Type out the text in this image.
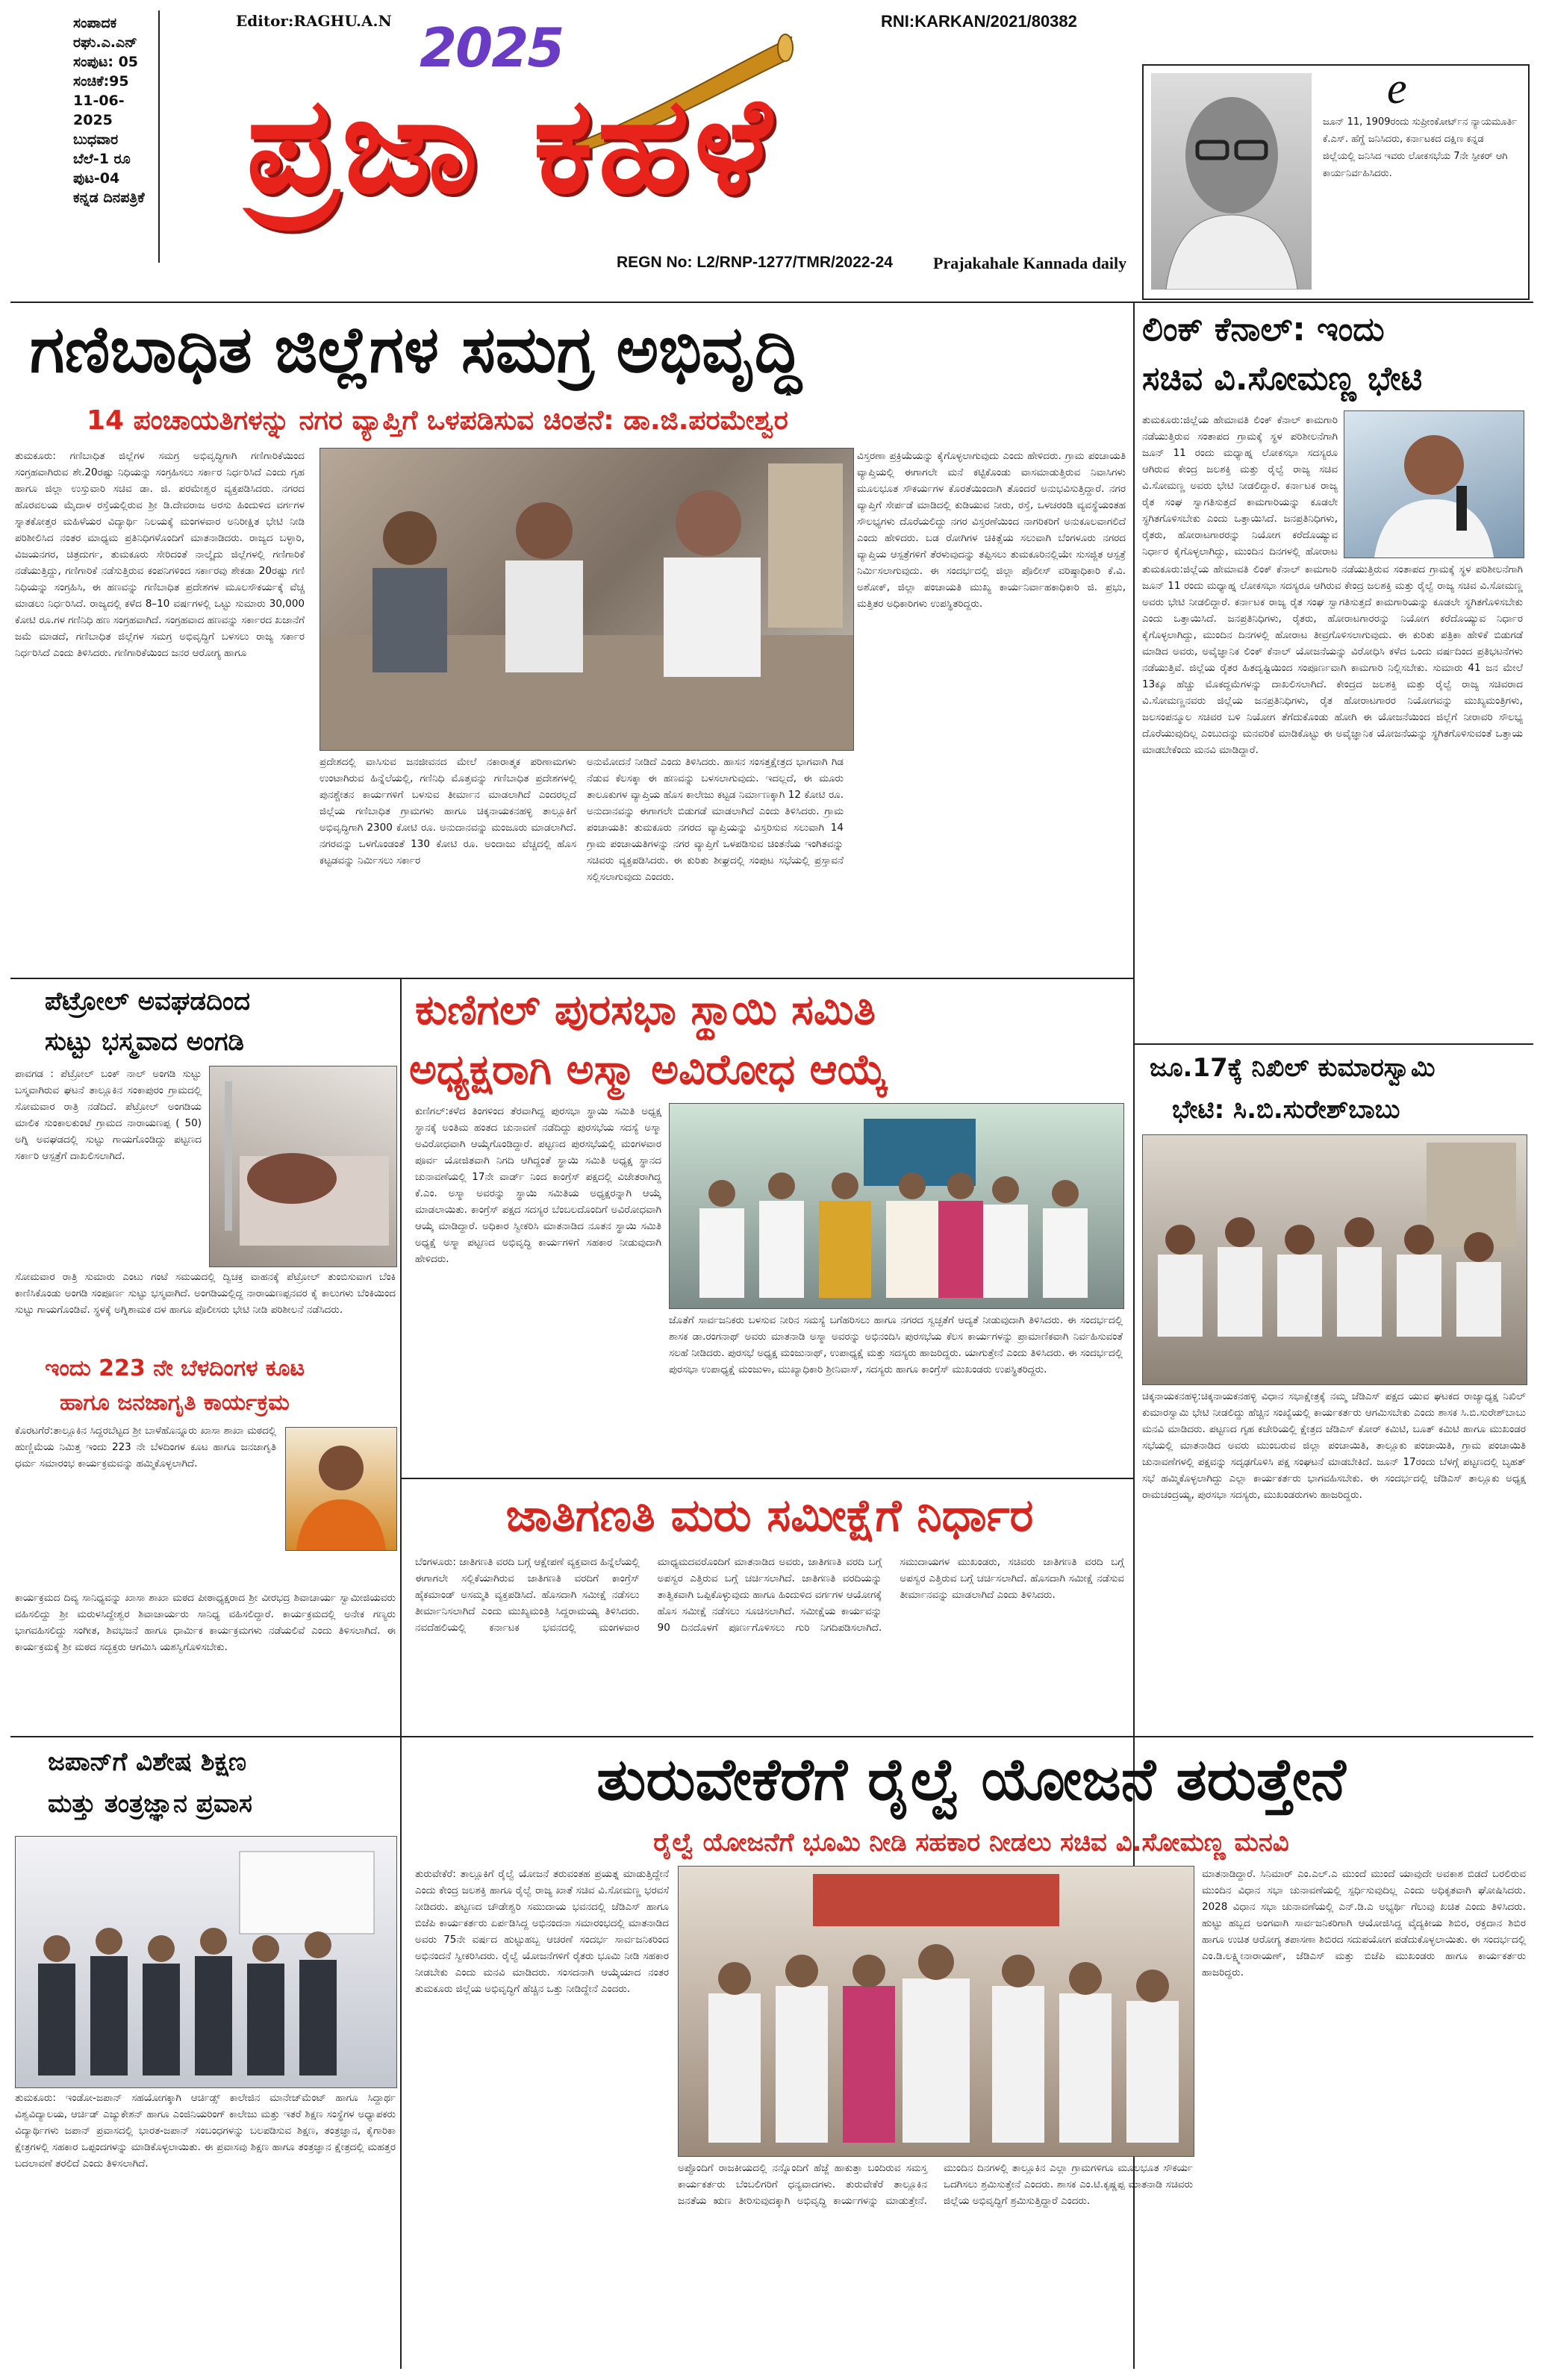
ಸಂಪಾದಕ
ರಘು.ಎ.ಎನ್
ಸಂಪುಟ: 05
ಸಂಚಿಕೆ:95
11-06-2025
ಬುಧವಾರ
ಬೆಲೆ-1 ರೂ
ಪುಟ-04
ಕನ್ನಡ ದಿನಪತ್ರಿಕೆ
Editor:RAGHU.A.N 2025
ಪ್ರಜಾ ಕಹಳೆ
RNI:KARKAN/2021/80382
REGN No: L2/RNP-1277/TMR/2022-24 Prajakahale Kannada daily
e
ಜೂನ್ 11, 1909ರಂದು ಸುಪ್ರೀಂಕೋರ್ಟ್‌ನ ನ್ಯಾಯಮೂರ್ತಿ ಕೆ.ಎಸ್. ಹೆಗ್ಡೆ ಜನಿಸಿದರು, ಕರ್ನಾಟಕದ ದಕ್ಷಿಣ ಕನ್ನಡ ಜಿಲ್ಲೆಯಲ್ಲಿ ಜನಿಸಿದ ಇವರು ಲೋಕಸಭೆಯ 7ನೇ ಸ್ಪೀಕರ್ ಆಗಿ ಕಾರ್ಯನಿರ್ವಹಿಸಿದರು.
ಗಣಿಬಾಧಿತ ಜಿಲ್ಲೆಗಳ ಸಮಗ್ರ ಅಭಿವೃದ್ಧಿ
14 ಪಂಚಾಯತಿಗಳನ್ನು ನಗರ ವ್ಯಾಪ್ತಿಗೆ ಒಳಪಡಿಸುವ ಚಿಂತನೆ: ಡಾ.ಜಿ.ಪರಮೇಶ್ವರ
ತುಮಕೂರು: ಗಣಿಬಾಧಿತ ಜಿಲ್ಲೆಗಳ ಸಮಗ್ರ ಅಭಿವೃದ್ಧಿಗಾಗಿ ಗಣಿಗಾರಿಕೆಯಿಂದ ಸಂಗ್ರಹವಾಗಿರುವ ಶೇ.20ರಷ್ಟು ನಿಧಿಯನ್ನು ಸಂಗ್ರಹಿಸಲು ಸರ್ಕಾರ ನಿರ್ಧರಿಸಿದೆ ಎಂದು ಗೃಹ ಹಾಗೂ ಜಿಲ್ಲಾ ಉಸ್ತುವಾರಿ ಸಚಿವ ಡಾ. ಜಿ. ಪರಮೇಶ್ವರ ವ್ಯಕ್ತಪಡಿಸಿದರು. ನಗರದ ಹೊರವಲಯ ಮೈದಾಳ ರಸ್ತೆಯಲ್ಲಿರುವ ಶ್ರೀ ಡಿ.ದೇವರಾಜ ಅರಸು ಹಿಂದುಳಿದ ವರ್ಗಗಳ ಸ್ನಾತಕೋತ್ತರ ಮಹಿಳೆಯರ ವಿದ್ಯಾರ್ಥಿ ನಿಲಯಕ್ಕೆ ಮಂಗಳವಾರ ಅನಿರೀಕ್ಷಿತ ಭೇಟಿ ನೀಡಿ ಪರಿಶೀಲಿಸಿದ ನಂತರ ಮಾಧ್ಯಮ ಪ್ರತಿನಿಧಿಗಳೊಂದಿಗೆ ಮಾತನಾಡಿದರು. ರಾಜ್ಯದ ಬಳ್ಳಾರಿ, ವಿಜಯನಗರ, ಚಿತ್ರದುರ್ಗ, ತುಮಕೂರು ಸೇರಿದಂತೆ ನಾಲ್ಕೈದು ಜಿಲ್ಲೆಗಳಲ್ಲಿ ಗಣಿಗಾರಿಕೆ ನಡೆಯುತ್ತಿದ್ದು, ಗಣಿಗಾರಿಕೆ ನಡೆಸುತ್ತಿರುವ ಕಂಪನಿಗಳಿಂದ ಸರ್ಕಾರವು ಶೇಕಡಾ 20ರಷ್ಟು ಗಣಿ ನಿಧಿಯನ್ನು ಸಂಗ್ರಹಿಸಿ, ಈ ಹಣವನ್ನು ಗಣಿಬಾಧಿತ ಪ್ರದೇಶಗಳ ಮೂಲಸೌಕರ್ಯಕ್ಕೆ ವೆಚ್ಚ ಮಾಡಲು ನಿರ್ಧರಿಸಿದೆ. ರಾಜ್ಯದಲ್ಲಿ ಕಳೆದ 8–10 ವರ್ಷಗಳಲ್ಲಿ ಒಟ್ಟು ಸುಮಾರು 30,000 ಕೋಟಿ ರೂ.ಗಳ ಗಣಿನಿಧಿ ಹಣ ಸಂಗ್ರಹವಾಗಿದೆ. ಸಂಗ್ರಹವಾದ ಹಣವನ್ನು ಸರ್ಕಾರದ ಖಜಾನೆಗೆ ಜಮೆ ಮಾಡದೆ, ಗಣಿಬಾಧಿತ ಜಿಲ್ಲೆಗಳ ಸಮಗ್ರ ಅಭಿವೃದ್ಧಿಗೆ ಬಳಸಲು ರಾಜ್ಯ ಸರ್ಕಾರ ನಿರ್ಧರಿಸಿದೆ ಎಂದು ತಿಳಿಸಿದರು. ಗಣಿಗಾರಿಕೆಯಿಂದ ಜನರ ಆರೋಗ್ಯ ಹಾಗೂ
ಪ್ರದೇಶದಲ್ಲಿ ವಾಸಿಸುವ ಜನಜೀವನದ ಮೇಲೆ ನಕಾರಾತ್ಮಕ ಪರಿಣಾಮಗಳು ಉಂಟಾಗಿರುವ ಹಿನ್ನೆಲೆಯಲ್ಲಿ, ಗಣಿನಿಧಿ ಮೊತ್ತವನ್ನು ಗಣಿಬಾಧಿತ ಪ್ರದೇಶಗಳಲ್ಲಿ ಪುನಶ್ಚೇತನ ಕಾರ್ಯಗಳಿಗೆ ಬಳಸುವ ತೀರ್ಮಾನ ಮಾಡಲಾಗಿದೆ ಎಂದರಲ್ಲದೆ ಜಿಲ್ಲೆಯ ಗಣಿಬಾಧಿತ ಗ್ರಾಮಗಳು ಹಾಗೂ ಚಿಕ್ಕನಾಯಕನಹಳ್ಳಿ ತಾಲ್ಲೂಕಿಗೆ ಅಭಿವೃದ್ಧಿಗಾಗಿ 2300 ಕೋಟಿ ರೂ. ಅನುದಾನವನ್ನು ಮಂಜೂರು ಮಾಡಲಾಗಿದೆ. ನಗರವನ್ನು ಒಳಗೊಂಡಂತೆ 130 ಕೋಟಿ ರೂ. ಅಂದಾಜು ವೆಚ್ಚದಲ್ಲಿ ಹೊಸ ಕಟ್ಟಡವನ್ನು ನಿರ್ಮಿಸಲು ಸರ್ಕಾರ
ಅನುಮೋದನೆ ನೀಡಿದೆ ಎಂದು ತಿಳಿಸಿದರು. ಹಾಸನ ಸಂಸತ್ತಕ್ಷೇತ್ರದ ಭಾಗವಾಗಿ ಗಿಡ ನೆಡುವ ಕೆಲಸಕ್ಕಾ ಈ ಹಣವನ್ನು ಬಳಸಲಾಗುವುದು. ಇದಲ್ಲದೆ, ಈ ಮೂರು ತಾಲೂಕುಗಳ ವ್ಯಾಪ್ತಿಯ ಹೊಸ ಕಾಲೇಜು ಕಟ್ಟಡ ನಿರ್ಮಾಣಕ್ಕಾಗಿ 12 ಕೋಟಿ ರೂ. ಅನುದಾನವನ್ನು ಈಗಾಗಲೇ ಬಿಡುಗಡೆ ಮಾಡಲಾಗಿದೆ ಎಂದು ತಿಳಿಸಿದರು. ಗ್ರಾಮ ಪಂಚಾಯತಿ: ತುಮಕೂರು ನಗರದ ವ್ಯಾಪ್ತಿಯನ್ನು ವಿಸ್ತರಿಸುವ ಸಲುವಾಗಿ 14 ಗ್ರಾಮ ಪಂಚಾಯತಿಗಳನ್ನು ನಗರ ವ್ಯಾಪ್ತಿಗೆ ಒಳಪಡಿಸುವ ಚಿಂತನೆಯ ಇಂಗಿತವನ್ನು ಸಚಿವರು ವ್ಯಕ್ತಪಡಿಸಿದರು. ಈ ಕುರಿತು ಶೀಘ್ರದಲ್ಲಿ ಸಂಪುಟ ಸಭೆಯಲ್ಲಿ ಪ್ರಸ್ತಾವನೆ ಸಲ್ಲಿಸಲಾಗುವುದು ಎಂದರು.
ವಿಸ್ತರಣಾ ಪ್ರಕ್ರಿಯೆಯನ್ನು ಕೈಗೊಳ್ಳಲಾಗುವುದು ಎಂದು ಹೇಳಿದರು. ಗ್ರಾಮ ಪಂಚಾಯತಿ ವ್ಯಾಪ್ತಿಯಲ್ಲಿ ಈಗಾಗಲೇ ಮನೆ ಕಟ್ಟಿಕೊಂಡು ವಾಸಮಾಡುತ್ತಿರುವ ನಿವಾಸಿಗಳು ಮೂಲಭೂತ ಸೌಕರ್ಯಗಳ ಕೊರತೆಯಿಂದಾಗಿ ತೊಂದರೆ ಅನುಭವಿಸುತ್ತಿದ್ದಾರೆ. ನಗರ ವ್ಯಾಪ್ತಿಗೆ ಸೇರ್ಪಡೆ ಮಾಡಿದಲ್ಲಿ ಕುಡಿಯುವ ನೀರು, ರಸ್ತೆ, ಒಳಚರಂಡಿ ವ್ಯವಸ್ಥೆಯಂತಹ ಸೌಲಭ್ಯಗಳು ದೊರೆಯಲಿದ್ದು ನಗರ ವಿಸ್ತರಣೆಯಿಂದ ನಾಗರಿಕರಿಗೆ ಅನುಕೂಲವಾಗಲಿದೆ ಎಂದು ಹೇಳಿದರು. ಬಡ ರೋಗಿಗಳ ಚಿಕಿತ್ಸೆಯ ಸಲುವಾಗಿ ಬೆಂಗಳೂರು ನಗರದ ವ್ಯಾಪ್ತಿಯ ಆಸ್ಪತ್ರೆಗಳಿಗೆ ತೆರಳುವುದನ್ನು ತಪ್ಪಿಸಲು ತುಮಕೂರಿನಲ್ಲಿಯೇ ಸುಸಜ್ಜಿತ ಆಸ್ಪತ್ರೆ ನಿರ್ಮಿಸಲಾಗುವುದು. ಈ ಸಂದರ್ಭದಲ್ಲಿ ಜಿಲ್ಲಾ ಪೊಲೀಸ್ ವರಿಷ್ಠಾಧಿಕಾರಿ ಕೆ.ವಿ. ಅಶೋಕ್, ಜಿಲ್ಲಾ ಪಂಚಾಯತಿ ಮುಖ್ಯ ಕಾರ್ಯನಿರ್ವಾಹಕಾಧಿಕಾರಿ ಜಿ. ಪ್ರಭು, ಮತ್ತಿತರ ಅಧಿಕಾರಿಗಳು ಉಪಸ್ಥಿತರಿದ್ದರು.
ಲಿಂಕ್ ಕೆನಾಲ್: ಇಂದು
ಸಚಿವ ವಿ.ಸೋಮಣ್ಣ ಭೇಟಿ
ತುಮಕೂರು:ಜಿಲ್ಲೆಯ ಹೇಮಾವತಿ ಲಿಂಕ್ ಕೆನಾಲ್ ಕಾಮಗಾರಿ ನಡೆಯುತ್ತಿರುವ ಸಂತಾಪದ ಗ್ರಾಮಕ್ಕೆ ಸ್ಥಳ ಪರಿಶೀಲನೆಗಾಗಿ ಜೂನ್ 11 ರಂದು ಮಧ್ಯಾಹ್ನ ಲೋಕಸಭಾ ಸದಸ್ಯರೂ ಆಗಿರುವ ಕೇಂದ್ರ ಜಲಶಕ್ತಿ ಮತ್ತು ರೈಲ್ವೆ ರಾಜ್ಯ ಸಚಿವ ವಿ.ಸೋಮಣ್ಣ ಅವರು ಭೇಟಿ ನೀಡಲಿದ್ದಾರೆ. ಕರ್ನಾಟಕ ರಾಜ್ಯ ರೈತ ಸಂಘ ಸ್ವಾಗತಿಸುತ್ತದೆ ಕಾಮಗಾರಿಯನ್ನು ಕೂಡಲೇ ಸ್ಥಗಿತಗೊಳಿಸಬೇಕು ಎಂದು ಒತ್ತಾಯಿಸಿದೆ. ಜನಪ್ರತಿನಿಧಿಗಳು, ರೈತರು, ಹೋರಾಟಗಾರರನ್ನು ನಿಯೋಗ ಕರೆದೊಯ್ಯುವ ನಿರ್ಧಾರ ಕೈಗೊಳ್ಳಲಾಗಿದ್ದು, ಮುಂದಿನ ದಿನಗಳಲ್ಲಿ ಹೋರಾಟ
ತುಮಕೂರು:ಜಿಲ್ಲೆಯ ಹೇಮಾವತಿ ಲಿಂಕ್ ಕೆನಾಲ್ ಕಾಮಗಾರಿ ನಡೆಯುತ್ತಿರುವ ಸಂತಾಪದ ಗ್ರಾಮಕ್ಕೆ ಸ್ಥಳ ಪರಿಶೀಲನೆಗಾಗಿ ಜೂನ್ 11 ರಂದು ಮಧ್ಯಾಹ್ನ ಲೋಕಸಭಾ ಸದಸ್ಯರೂ ಆಗಿರುವ ಕೇಂದ್ರ ಜಲಶಕ್ತಿ ಮತ್ತು ರೈಲ್ವೆ ರಾಜ್ಯ ಸಚಿವ ವಿ.ಸೋಮಣ್ಣ ಅವರು ಭೇಟಿ ನೀಡಲಿದ್ದಾರೆ. ಕರ್ನಾಟಕ ರಾಜ್ಯ ರೈತ ಸಂಘ ಸ್ವಾಗತಿಸುತ್ತದೆ ಕಾಮಗಾರಿಯನ್ನು ಕೂಡಲೇ ಸ್ಥಗಿತಗೊಳಿಸಬೇಕು ಎಂದು ಒತ್ತಾಯಿಸಿದೆ. ಜನಪ್ರತಿನಿಧಿಗಳು, ರೈತರು, ಹೋರಾಟಗಾರರನ್ನು ನಿಯೋಗ ಕರೆದೊಯ್ಯುವ ನಿರ್ಧಾರ ಕೈಗೊಳ್ಳಲಾಗಿದ್ದು, ಮುಂದಿನ ದಿನಗಳಲ್ಲಿ ಹೋರಾಟ ತೀವ್ರಗೊಳಿಸಲಾಗುವುದು. ಈ ಕುರಿತು ಪತ್ರಿಕಾ ಹೇಳಿಕೆ ಬಿಡುಗಡೆ ಮಾಡಿದ ಅವರು, ಅವೈಜ್ಞಾನಿಕ ಲಿಂಕ್ ಕೆನಾಲ್ ಯೋಜನೆಯನ್ನು ವಿರೋಧಿಸಿ ಕಳೆದ ಒಂದು ವರ್ಷದಿಂದ ಪ್ರತಿಭಟನೆಗಳು ನಡೆಯುತ್ತಿವೆ. ಜಿಲ್ಲೆಯ ರೈತರ ಹಿತದೃಷ್ಟಿಯಿಂದ ಸಂಪೂರ್ಣವಾಗಿ ಕಾಮಗಾರಿ ನಿಲ್ಲಿಸಬೇಕು. ಸುಮಾರು 41 ಜನ ಮೇಲೆ 13ಕ್ಕೂ ಹೆಚ್ಚು ಮೊಕದ್ದಮೆಗಳನ್ನು ದಾಖಲಿಸಲಾಗಿದೆ. ಕೇಂದ್ರದ ಜಲಶಕ್ತಿ ಮತ್ತು ರೈಲ್ವೆ ರಾಜ್ಯ ಸಚಿವರಾದ ವಿ.ಸೋಮಣ್ಣನವರು ಜಿಲ್ಲೆಯ ಜನಪ್ರತಿನಿಧಿಗಳು, ರೈತ ಹೋರಾಟಗಾರರ ನಿಯೋಗವನ್ನು ಮುಖ್ಯಮಂತ್ರಿಗಳು, ಜಲಸಂಪನ್ಮೂಲ ಸಚಿವರ ಬಳಿ ನಿಯೋಗ ತೆಗೆದುಕೊಂಡು ಹೋಗಿ ಈ ಯೋಜನೆಯಿಂದ ಜಿಲ್ಲೆಗೆ ನೀರಾವರಿ ಸೌಲಭ್ಯ ದೊರೆಯುವುದಿಲ್ಲ ಎಂಬುದನ್ನು ಮನವರಿಕೆ ಮಾಡಿಕೊಟ್ಟು ಈ ಅವೈಜ್ಞಾನಿಕ ಯೋಜನೆಯನ್ನು ಸ್ಥಗಿತಗೊಳಿಸುವಂತೆ ಒತ್ತಾಯ ಮಾಡಬೇಕೆಂದು ಮನವಿ ಮಾಡಿದ್ದಾರೆ.
ಜೂ.17ಕ್ಕೆ ನಿಖಿಲ್ ಕುಮಾರಸ್ವಾಮಿ
ಭೇಟಿ: ಸಿ.ಬಿ.ಸುರೇಶ್‌ಬಾಬು
ಚಿಕ್ಕನಾಯಕನಹಳ್ಳಿ:ಚಿಕ್ಕನಾಯಕನಹಳ್ಳಿ ವಿಧಾನ ಸಭಾಕ್ಷೇತ್ರಕ್ಕೆ ನಮ್ಮ ಜೆಡಿಎಸ್ ಪಕ್ಷದ ಯುವ ಘಟಕದ ರಾಜ್ಯಾಧ್ಯಕ್ಷ ನಿಖಿಲ್ ಕುಮಾರಸ್ವಾಮಿ ಭೇಟಿ ನೀಡಲಿದ್ದು ಹೆಚ್ಚಿನ ಸಂಖ್ಯೆಯಲ್ಲಿ ಕಾರ್ಯಕರ್ತರು ಆಗಮಿಸಬೇಕು ಎಂದು ಶಾಸಕ ಸಿ.ಬಿ.ಸುರೇಶ್‌ಬಾಬು ಮನವಿ ಮಾಡಿದರು. ಪಟ್ಟಣದ ಗೃಹ ಕಚೇರಿಯಲ್ಲಿ ಕ್ಷೇತ್ರದ ಜೆಡಿಎಸ್ ಕೋರ್ ಕಮಿಟಿ, ಬೂತ್ ಕಮಿಟಿ ಹಾಗೂ ಮುಖಂಡರ ಸಭೆಯಲ್ಲಿ ಮಾತನಾಡಿದ ಅವರು ಮುಂಬರುವ ಜಿಲ್ಲಾ ಪಂಚಾಯಿತಿ, ತಾಲ್ಲೂಕು ಪಂಚಾಯಿತಿ, ಗ್ರಾಮ ಪಂಚಾಯಿತಿ ಚುನಾವಣೆಗಳಲ್ಲಿ ಪಕ್ಷವನ್ನು ಸದೃಢಗೊಳಿಸಿ ಪಕ್ಷ ಸಂಘಟನೆ ಮಾಡಬೇಕಿದೆ. ಜೂನ್ 17ರಂದು ಬೆಳಗ್ಗೆ ಪಟ್ಟಣದಲ್ಲಿ ಬೃಹತ್ ಸಭೆ ಹಮ್ಮಿಕೊಳ್ಳಲಾಗಿದ್ದು ಎಲ್ಲಾ ಕಾರ್ಯಕರ್ತರು ಭಾಗವಹಿಸಬೇಕು. ಈ ಸಂದರ್ಭದಲ್ಲಿ ಜೆಡಿಎಸ್ ತಾಲ್ಲೂಕು ಅಧ್ಯಕ್ಷ ರಾಮಚಂದ್ರಯ್ಯ, ಪುರಸಭಾ ಸದಸ್ಯರು, ಮುಖಂಡರುಗಳು ಹಾಜರಿದ್ದರು.
ಪೆಟ್ರೋಲ್ ಅವಘಡದಿಂದ
ಸುಟ್ಟು ಭಸ್ಮವಾದ ಅಂಗಡಿ
ಪಾವಗಡ : ಪೆಟ್ರೋಲ್ ಬಂಕ್ ನಾಲ್ ಅಂಗಡಿ ಸುಟ್ಟು ಬಸ್ಮವಾಗಿರುವ ಘಟನೆ ತಾಲ್ಲೂಕಿನ ಸಂಕಾಪುರಂ ಗ್ರಾಮದಲ್ಲಿ ಸೋಮವಾರ ರಾತ್ರಿ ನಡೆದಿದೆ. ಪೆಟ್ರೋಲ್ ಅಂಗಡಿಯ ಮಾಲಿಕ ಸುಂಕಾಲಕುಂಟೆ ಗ್ರಾಮದ ನಾರಾಯಣಪ್ಪ ( 50) ಅಗ್ನಿ ಅವಘಡದಲ್ಲಿ ಸುಟ್ಟು ಗಾಯಗೊಂಡಿದ್ದು ಪಟ್ಟಣದ ಸರ್ಕಾರಿ ಆಸ್ಪತ್ರೆಗೆ ದಾಖಲಿಸಲಾಗಿದೆ.
ಸೋಮವಾರ ರಾತ್ರಿ ಸುಮಾರು ಎಂಟು ಗಂಟೆ ಸಮಯದಲ್ಲಿ ದ್ವಿಚಕ್ರ ವಾಹನಕ್ಕೆ ಪೆಟ್ರೋಲ್ ತುಂಬಿಸುವಾಗ ಬೆಂಕಿ ಕಾಣಿಸಿಕೊಂಡು ಅಂಗಡಿ ಸಂಪೂರ್ಣ ಸುಟ್ಟು ಭಸ್ಮವಾಗಿದೆ. ಅಂಗಡಿಯಲ್ಲಿದ್ದ ನಾರಾಯಣಪ್ಪನವರ ಕೈ ಕಾಲುಗಳು ಬೆಂಕಿಯಿಂದ ಸುಟ್ಟು ಗಾಯಗೊಂಡಿವೆ. ಸ್ಥಳಕ್ಕೆ ಅಗ್ನಿಶಾಮಕ ದಳ ಹಾಗೂ ಪೊಲೀಸರು ಭೇಟಿ ನೀಡಿ ಪರಿಶೀಲನೆ ನಡೆಸಿದರು.
ಇಂದು 223 ನೇ ಬೆಳದಿಂಗಳ ಕೂಟ
ಹಾಗೂ ಜನಜಾಗೃತಿ ಕಾರ್ಯಕ್ರಮ
ಕೊರಟಗೆರೆ:ತಾಲ್ಲೂಕಿನ ಸಿದ್ದರಬೆಟ್ಟದ ಶ್ರೀ ಬಾಳೆಹೊನ್ನೂರು ಖಾಸಾ ಶಾಖಾ ಮಠದಲ್ಲಿ ಹುಣ್ಣಿಮೆಯ ನಿಮಿತ್ತ ಇಂದು 223 ನೇ ಬೆಳದಿಂಗಳ ಕೂಟ ಹಾಗೂ ಜನಜಾಗೃತಿ ಧರ್ಮ ಸಮಾರಂಭ ಕಾರ್ಯಕ್ರಮವನ್ನು ಹಮ್ಮಿಕೊಳ್ಳಲಾಗಿದೆ.
ಕಾರ್ಯಕ್ರಮದ ದಿವ್ಯ ಸಾನಿಧ್ಯವನ್ನು ಖಾಸಾ ಶಾಖಾ ಮಠದ ಪೀಠಾಧ್ಯಕ್ಷರಾದ ಶ್ರೀ ವೀರಭದ್ರ ಶಿವಾಚಾರ್ಯ ಸ್ವಾಮೀಜಿಯವರು ವಹಿಸಲಿದ್ದು ಶ್ರೀ ಮರುಳಸಿದ್ದೇಶ್ವರ ಶಿವಾಚಾರ್ಯರು ಸಾನಿಧ್ಯ ವಹಿಸಲಿದ್ದಾರೆ. ಕಾರ್ಯಕ್ರಮದಲ್ಲಿ ಅನೇಕ ಗಣ್ಯರು ಭಾಗವಹಿಸಲಿದ್ದು ಸಂಗೀತ, ಶಿವಭಜನೆ ಹಾಗೂ ಧಾರ್ಮಿಕ ಕಾರ್ಯಕ್ರಮಗಳು ನಡೆಯಲಿವೆ ಎಂದು ತಿಳಿಸಲಾಗಿದೆ. ಈ ಕಾರ್ಯಕ್ರಮಕ್ಕೆ ಶ್ರೀ ಮಠದ ಸದ್ಭಕ್ತರು ಆಗಮಿಸಿ ಯಶಸ್ವಿಗೊಳಿಸಬೇಕು.
ಜಪಾನ್‌ಗೆ ವಿಶೇಷ ಶಿಕ್ಷಣ
ಮತ್ತು ತಂತ್ರಜ್ಞಾನ ಪ್ರವಾಸ
ತುಮಕೂರು: ಇಂಡೋ-ಜಪಾನ್ ಸಹಯೋಗಕ್ಕಾಗಿ ಆರ್ಚಿಡ್ಸ್ ಕಾಲೇಜಿನ ಮಾನೇಜ್‌ಮೆಂಟ್ ಹಾಗೂ ಸಿದ್ದಾರ್ಥ ವಿಶ್ವವಿದ್ಯಾಲಯ, ಆರ್ಚಿಡ್ ಎಜ್ಯುಕೇಶನ್ ಹಾಗೂ ಎಂಜಿನಿಯರಿಂಗ್ ಕಾಲೇಜು ಮತ್ತು ಇತರೆ ಶಿಕ್ಷಣ ಸಂಸ್ಥೆಗಳ ಅಧ್ಯಾಪಕರು ವಿದ್ಯಾರ್ಥಿಗಳು ಜಪಾನ್ ಪ್ರವಾಸದಲ್ಲಿ ಭಾರತ-ಜಪಾನ್ ಸಂಬಂಧಗಳನ್ನು ಬಲಪಡಿಸುವ ಶಿಕ್ಷಣ, ತಂತ್ರಜ್ಞಾನ, ಕೈಗಾರಿಕಾ ಕ್ಷೇತ್ರಗಳಲ್ಲಿ ಸಹಕಾರ ಒಪ್ಪಂದಗಳನ್ನು ಮಾಡಿಕೊಳ್ಳಲಾಯಿತು. ಈ ಪ್ರವಾಸವು ಶಿಕ್ಷಣ ಹಾಗೂ ತಂತ್ರಜ್ಞಾನ ಕ್ಷೇತ್ರದಲ್ಲಿ ಮಹತ್ತರ ಬದಲಾವಣೆ ತರಲಿದೆ ಎಂದು ತಿಳಿಸಲಾಗಿದೆ.
ಕುಣಿಗಲ್ ಪುರಸಭಾ ಸ್ಥಾಯಿ ಸಮಿತಿ
ಅಧ್ಯಕ್ಷರಾಗಿ ಅಸ್ಮಾ ಅವಿರೋಧ ಆಯ್ಕೆ
ಕುಣಿಗಲ್:ಕಳೆದ ತಿಂಗಳಿಂದ ತೆರವಾಗಿದ್ದ ಪುರಸಭಾ ಸ್ಥಾಯಿ ಸಮಿತಿ ಅಧ್ಯಕ್ಷ ಸ್ಥಾನಕ್ಕೆ ಅಂತಿಮ ಹಂತದ ಚುನಾವಣೆ ನಡೆದಿದ್ದು ಪುರಸಭೆಯ ಸದಸ್ಯೆ ಅಸ್ಮಾ ಅವಿರೋಧವಾಗಿ ಆಯ್ಕೆಗೊಂಡಿದ್ದಾರೆ. ಪಟ್ಟಣದ ಪುರಸಭೆಯಲ್ಲಿ ಮಂಗಳವಾರ ಪೂರ್ವ ಯೋಜಿತವಾಗಿ ನಿಗದಿ ಆಗಿದ್ದಂತೆ ಸ್ಥಾಯಿ ಸಮಿತಿ ಅಧ್ಯಕ್ಷ ಸ್ಥಾನದ ಚುನಾವಣೆಯಲ್ಲಿ 17ನೇ ವಾರ್ಡ್ ನಿಂದ ಕಾಂಗ್ರೆಸ್ ಪಕ್ಷದಲ್ಲಿ ವಿಜೇತರಾಗಿದ್ದ ಕೆ.ಎಂ. ಅಸ್ಮಾ ಅವರನ್ನು ಸ್ಥಾಯಿ ಸಮಿತಿಯ ಅಧ್ಯಕ್ಷರನ್ನಾಗಿ ಆಯ್ಕೆ ಮಾಡಲಾಯಿತು. ಕಾಂಗ್ರೆಸ್ ಪಕ್ಷದ ಸದಸ್ಯರ ಬೆಂಬಲದೊಂದಿಗೆ ಅವಿರೋಧವಾಗಿ ಆಯ್ಕೆ ಮಾಡಿದ್ದಾರೆ. ಅಧಿಕಾರ ಸ್ವೀಕರಿಸಿ ಮಾತನಾಡಿದ ನೂತನ ಸ್ಥಾಯಿ ಸಮಿತಿ ಅಧ್ಯಕ್ಷೆ ಅಸ್ಮಾ ಪಟ್ಟಣದ ಅಭಿವೃದ್ಧಿ ಕಾರ್ಯಗಳಿಗೆ ಸಹಕಾರ ನೀಡುವುದಾಗಿ ಹೇಳಿದರು.
ಜೊತೆಗೆ ಸಾರ್ವಜನಿಕರು ಬಳಸುವ ನೀರಿನ ಸಮಸ್ಯೆ ಬಗೆಹರಿಸಲು ಹಾಗೂ ನಗರದ ಸ್ವಚ್ಛತೆಗೆ ಆದ್ಯತೆ ನೀಡುವುದಾಗಿ ತಿಳಿಸಿದರು. ಈ ಸಂದರ್ಭದಲ್ಲಿ ಶಾಸಕ ಡಾ.ರಂಗನಾಥ್ ಅವರು ಮಾತನಾಡಿ ಅಸ್ಮಾ ಅವರನ್ನು ಅಭಿನಂದಿಸಿ ಪುರಸಭೆಯ ಕೆಲಸ ಕಾರ್ಯಗಳನ್ನು ಪ್ರಾಮಾಣಿಕವಾಗಿ ನಿರ್ವಹಿಸುವಂತೆ ಸಲಹೆ ನೀಡಿದರು. ಪುರಸಭೆ ಅಧ್ಯಕ್ಷ ಮಂಜುನಾಥ್, ಉಪಾಧ್ಯಕ್ಷೆ ಮತ್ತು ಸದಸ್ಯರು ಹಾಜರಿದ್ದರು. ಯಾಗುತ್ತೇನೆ ಎಂದು ತಿಳಿಸಿದರು. ಈ ಸಂದರ್ಭದಲ್ಲಿ ಪುರಸಭಾ ಉಪಾಧ್ಯಕ್ಷೆ ಮಂಜುಳಾ, ಮುಖ್ಯಾಧಿಕಾರಿ ಶ್ರೀನಿವಾಸ್, ಸದಸ್ಯರು ಹಾಗೂ ಕಾಂಗ್ರೆಸ್ ಮುಖಂಡರು ಉಪಸ್ಥಿತರಿದ್ದರು.
ಜಾತಿಗಣತಿ ಮರು ಸಮೀಕ್ಷೆಗೆ ನಿರ್ಧಾರ
ಬೆಂಗಳೂರು: ಜಾತಿಗಣತಿ ವರದಿ ಬಗ್ಗೆ ಆಕ್ಷೇಪಣೆ ವ್ಯಕ್ತವಾದ ಹಿನ್ನೆಲೆಯಲ್ಲಿ ಈಗಾಗಲೇ ಸಲ್ಲಿಕೆಯಾಗಿರುವ ಜಾತಿಗಣತಿ ವರದಿಗೆ ಕಾಂಗ್ರೆಸ್ ಹೈಕಮಾಂಡ್ ಅಸಮ್ಮತಿ ವ್ಯಕ್ತಪಡಿಸಿದೆ. ಹೊಸದಾಗಿ ಸಮೀಕ್ಷೆ ನಡೆಸಲು ತೀರ್ಮಾನಿಸಲಾಗಿದೆ ಎಂದು ಮುಖ್ಯಮಂತ್ರಿ ಸಿದ್ದರಾಮಯ್ಯ ತಿಳಿಸಿದರು. ನವದೆಹಲಿಯಲ್ಲಿ ಕರ್ನಾಟಕ ಭವನದಲ್ಲಿ ಮಂಗಳವಾರ ಮಾಧ್ಯಮದವರೊಂದಿಗೆ ಮಾತನಾಡಿದ ಅವರು, ಜಾತಿಗಣತಿ ವರದಿ ಬಗ್ಗೆ ಅಪಸ್ವರ ಎತ್ತಿರುವ ಬಗ್ಗೆ ಚರ್ಚಿಸಲಾಗಿದೆ. ಜಾತಿಗಣತಿ ವರದಿಯನ್ನು ತಾತ್ವಿಕವಾಗಿ ಒಪ್ಪಿಕೊಳ್ಳುವುದು ಹಾಗೂ ಹಿಂದುಳಿದ ವರ್ಗಗಳ ಆಯೋಗಕ್ಕೆ ಹೊಸ ಸಮೀಕ್ಷೆ ನಡೆಸಲು ಸೂಚಿಸಲಾಗಿದೆ. ಸಮೀಕ್ಷೆಯ ಕಾರ್ಯವನ್ನು 90 ದಿನದೊಳಗೆ ಪೂರ್ಣಗೊಳಿಸಲು ಗುರಿ ನಿಗದಿಪಡಿಸಲಾಗಿದೆ. ಸಮುದಾಯಗಳ ಮುಖಂಡರು, ಸಚಿವರು ಜಾತಿಗಣತಿ ವರದಿ ಬಗ್ಗೆ ಅಪಸ್ವರ ಎತ್ತಿರುವ ಬಗ್ಗೆ ಚರ್ಚಿಸಲಾಗಿದೆ. ಹೊಸದಾಗಿ ಸಮೀಕ್ಷೆ ನಡೆಸುವ ತೀರ್ಮಾನವನ್ನು ಮಾಡಲಾಗಿದೆ ಎಂದು ತಿಳಿಸಿದರು.
ತುರುವೇಕೆರೆಗೆ ರೈಲ್ವೆ ಯೋಜನೆ ತರುತ್ತೇನೆ
ರೈಲ್ವೆ ಯೋಜನೆಗೆ ಭೂಮಿ ನೀಡಿ ಸಹಕಾರ ನೀಡಲು ಸಚಿವ ವಿ.ಸೋಮಣ್ಣ ಮನವಿ
ತುರುವೇಕೆರೆ: ತಾಲ್ಲೂಕಿಗೆ ರೈಲ್ವೆ ಯೋಜನೆ ತರುವಂತಹ ಪ್ರಯತ್ನ ಮಾಡುತ್ತಿದ್ದೇನೆ ಎಂದು ಕೇಂದ್ರ ಜಲಶಕ್ತಿ ಹಾಗೂ ರೈಲ್ವೆ ರಾಜ್ಯ ಖಾತೆ ಸಚಿವ ವಿ.ಸೋಮಣ್ಣ ಭರವಸೆ ನೀಡಿದರು. ಪಟ್ಟಣದ ಚೌಡೇಶ್ವರಿ ಸಮುದಾಯ ಭವನದಲ್ಲಿ ಜೆಡಿಎಸ್ ಹಾಗೂ ಬಿಜೆಪಿ ಕಾರ್ಯಕರ್ತರು ಏರ್ಪಡಿಸಿದ್ದ ಅಭಿನಂದನಾ ಸಮಾರಂಭದಲ್ಲಿ ಮಾತನಾಡಿದ ಅವರು 75ನೇ ವರ್ಷದ ಹುಟ್ಟುಹಬ್ಬ ಆಚರಣೆ ಸಂದರ್ಭ ಸಾರ್ವಜನಿಕರಿಂದ ಅಭಿನಂದನೆ ಸ್ವೀಕರಿಸಿದರು. ರೈಲ್ವೆ ಯೋಜನೆಗಳಿಗೆ ರೈತರು ಭೂಮಿ ನೀಡಿ ಸಹಕಾರ ನೀಡಬೇಕು ಎಂದು ಮನವಿ ಮಾಡಿದರು. ಸಂಸದನಾಗಿ ಆಯ್ಕೆಯಾದ ನಂತರ ತುಮಕೂರು ಜಿಲ್ಲೆಯ ಅಭಿವೃದ್ಧಿಗೆ ಹೆಚ್ಚಿನ ಒತ್ತು ನೀಡಿದ್ದೇನೆ ಎಂದರು.
ಅಪ್ಪೊಂದಿಗೆ ರಾಜಕೀಯದಲ್ಲಿ ನನ್ನೊಂದಿಗೆ ಹೆಜ್ಜೆ ಹಾಕುತ್ತಾ ಬಂದಿರುವ ಸಮಸ್ತ ಕಾರ್ಯಕರ್ತರು ಬೆಂಬಲಿಗರಿಗೆ ಧನ್ಯವಾದಗಳು. ತುರುವೇಕೆರೆ ತಾಲ್ಲೂಕಿನ ಜನತೆಯ ಋಣ ತೀರಿಸುವುದಕ್ಕಾಗಿ ಅಭಿವೃದ್ಧಿ ಕಾರ್ಯಗಳನ್ನು ಮಾಡುತ್ತೇನೆ. ಮುಂದಿನ ದಿನಗಳಲ್ಲಿ ತಾಲ್ಲೂಕಿನ ಎಲ್ಲಾ ಗ್ರಾಮಗಳಿಗೂ ಮೂಲಭೂತ ಸೌಕರ್ಯ ಒದಗಿಸಲು ಶ್ರಮಿಸುತ್ತೇನೆ ಎಂದರು. ಶಾಸಕ ಎಂ.ಟಿ.ಕೃಷ್ಣಪ್ಪ ಮಾತನಾಡಿ ಸಚಿವರು ಜಿಲ್ಲೆಯ ಅಭಿವೃದ್ಧಿಗೆ ಶ್ರಮಿಸುತ್ತಿದ್ದಾರೆ ಎಂದರು.
ಮಾತನಾಡಿದ್ದಾರೆ. ಸಿನಿಮಾರ್ ಎಂ.ಎಲ್.ಎ ಮುಂದೆ ಮುಂದೆ ಯಾವುದೇ ಅವಕಾಶ ಬಿಡದೆ ಬರಲಿರುವ ಮುಂದಿನ ವಿಧಾನ ಸಭಾ ಚುನಾವಣೆಯಲ್ಲಿ ಸ್ಪರ್ಧಿಸುವುದಿಲ್ಲ ಎಂದು ಅಧಿಕೃತವಾಗಿ ಘೋಷಿಸಿದರು. 2028 ವಿಧಾನ ಸಭಾ ಚುನಾವಣೆಯಲ್ಲಿ ಎನ್.ಡಿ.ಎ ಅಭ್ಯರ್ಥಿ ಗೆಲುವು ಖಚಿತ ಎಂದು ತಿಳಿಸಿದರು. ಹುಟ್ಟು ಹಬ್ಬದ ಅಂಗವಾಗಿ ಸಾರ್ವಜನಿಕರಿಗಾಗಿ ಆಯೋಜಿಸಿದ್ದ ವೈದ್ಯಕೀಯ ಶಿಬಿರ, ರಕ್ತದಾನ ಶಿಬಿರ ಹಾಗೂ ಉಚಿತ ಆರೋಗ್ಯ ತಪಾಸಣಾ ಶಿಬಿರದ ಸದುಪಯೋಗ ಪಡೆದುಕೊಳ್ಳಲಾಯಿತು. ಈ ಸಂದರ್ಭದಲ್ಲಿ ಎಂ.ಡಿ.ಲಕ್ಷ್ಮೀನಾರಾಯಣ್, ಜೆಡಿಎಸ್ ಮತ್ತು ಬಿಜೆಪಿ ಮುಖಂಡರು ಹಾಗೂ ಕಾರ್ಯಕರ್ತರು ಹಾಜರಿದ್ದರು.
